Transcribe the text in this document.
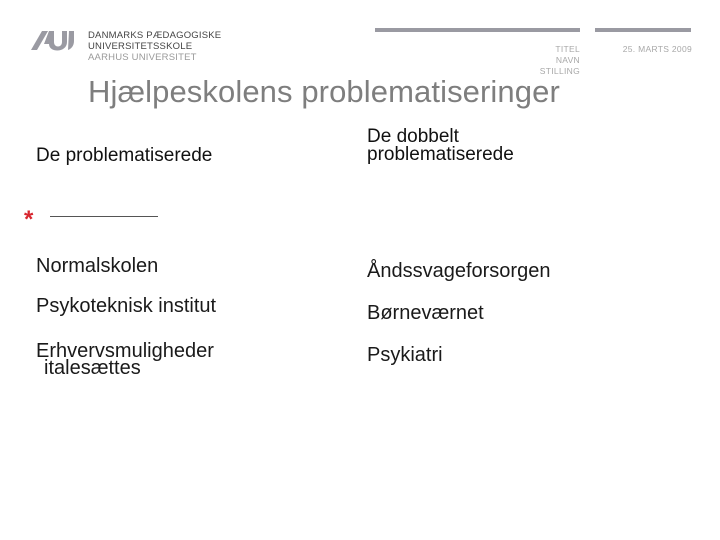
DANMARKS PÆDAGOGISKE
UNIVERSITETSSKOLE
AARHUS UNIVERSITET
TITEL
NAVN
STILLING
25. MARTS 2009
Hjælpeskolens problematiseringer
De problematiserede
De dobbelt
problematiserede
*
Normalskolen
Psykoteknisk institut
Erhvervsmuligheder
italesættes
Åndssvageforsorgen
Børneværnet
Psykiatri
